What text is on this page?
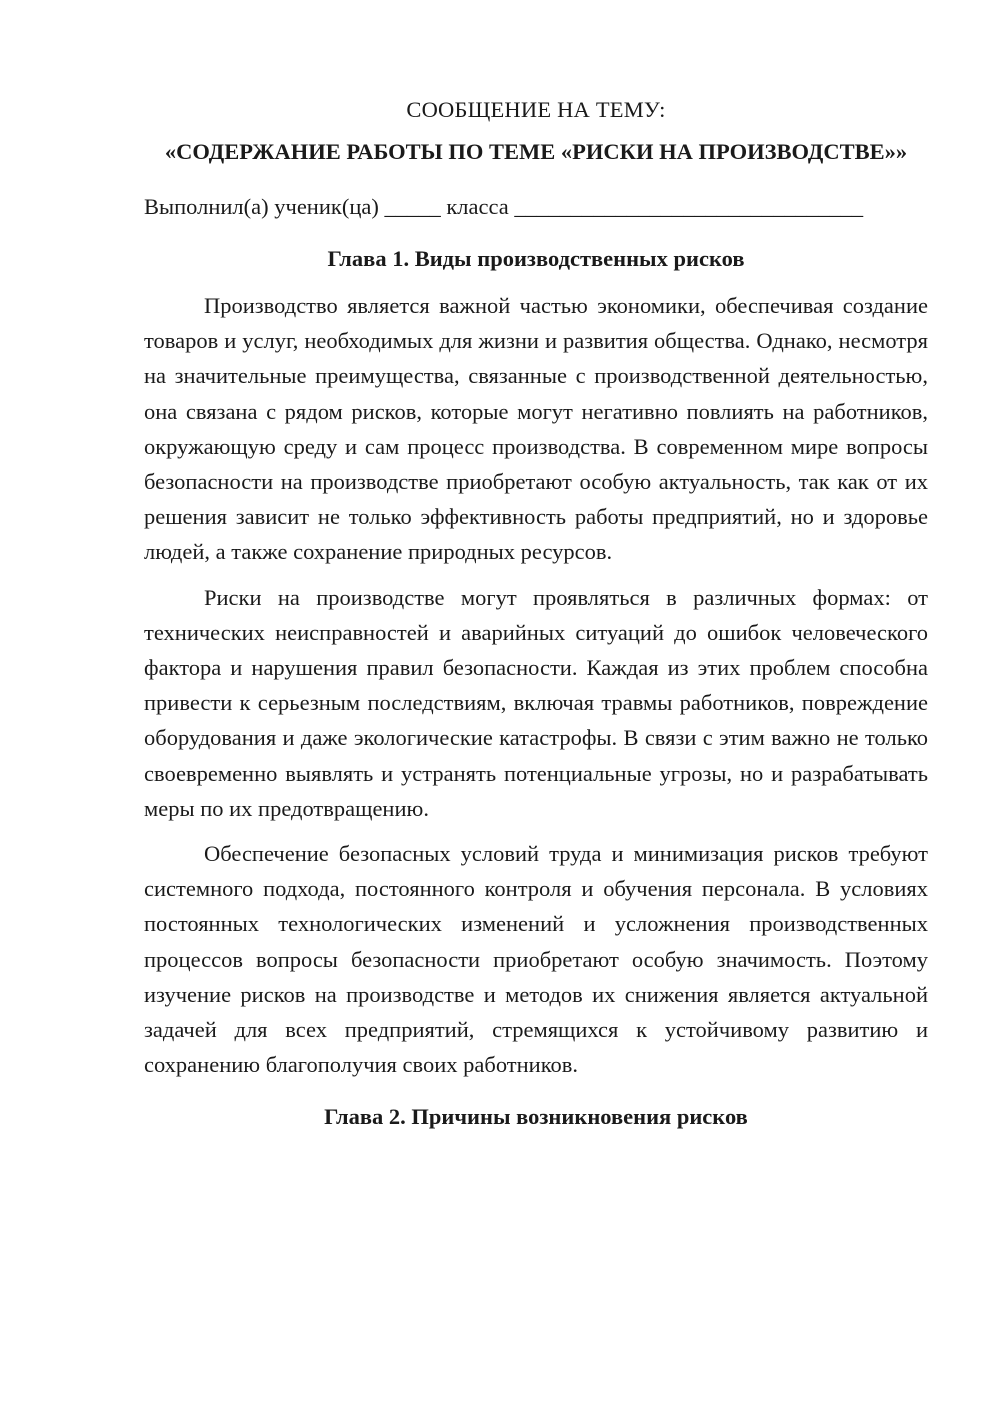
СООБЩЕНИЕ НА ТЕМУ:

«СОДЕРЖАНИЕ РАБОТЫ ПО ТЕМЕ «РИСКИ НА ПРОИЗВОДСТВЕ»»

Выполнил(а) ученик(ца) _____ класса _______________________________

Глава 1. Виды производственных рисков

Производство является важной частью экономики, обеспечивая создание товаров и услуг, необходимых для жизни и развития общества. Однако, несмотря на значительные преимущества, связанные с производственной деятельностью, она связана с рядом рисков, которые могут негативно повлиять на работников, окружающую среду и сам процесс производства. В современном мире вопросы безопасности на производстве приобретают особую актуальность, так как от их решения зависит не только эффективность работы предприятий, но и здоровье людей, а также сохранение природных ресурсов.

Риски на производстве могут проявляться в различных формах: от технических неисправностей и аварийных ситуаций до ошибок человеческого фактора и нарушения правил безопасности. Каждая из этих проблем способна привести к серьезным последствиям, включая травмы работников, повреждение оборудования и даже экологические катастрофы. В связи с этим важно не только своевременно выявлять и устранять потенциальные угрозы, но и разрабатывать меры по их предотвращению.

Обеспечение безопасных условий труда и минимизация рисков требуют системного подхода, постоянного контроля и обучения персонала. В условиях постоянных технологических изменений и усложнения производственных процессов вопросы безопасности приобретают особую значимость. Поэтому изучение рисков на производстве и методов их снижения является актуальной задачей для всех предприятий, стремящихся к устойчивому развитию и сохранению благополучия своих работников.

Глава 2. Причины возникновения рисков
